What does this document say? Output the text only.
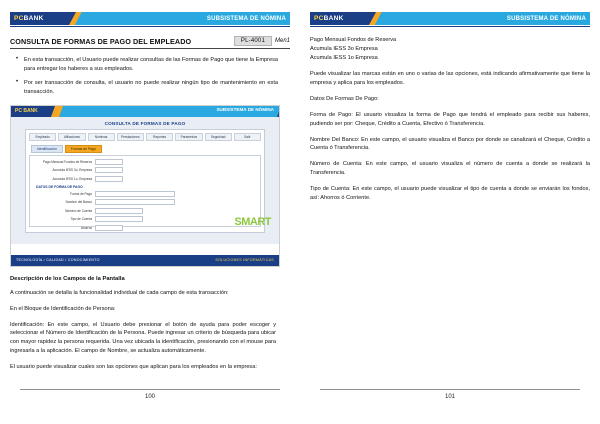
PC BANK	SUBSISTEMA DE NÓMINA
CONSULTA DE FORMAS DE PAGO DEL EMPLEADO	PL-4001	Men1
• En esta transacción, el Usuario puede realizar consultas de las Formas de Pago que tiene la Empresa para entregar los haberes a sus empleados.
• Por ser transacción de consulta, el usuario no puede realizar ningún tipo de mantenimiento en esta transacción.
PC BANK	SUBSISTEMA DE NÓMINA
CONSULTA DE FORMAS DE PAGO
Empleado	Afiliaciones	Nóminas	Prestaciones	Reportes	Parámetros	Seguridad	Salir
Identificación	Formas de Pago
Pago Mensual Fondos de Reserva
Acumula IESS 3o. Empresa
Acumula IESS 1o. Empresa
DATOS DE FORMA DE PAGO
Forma de Pago
Nombre del Banco
Número de Cuenta
Tipo de Cuenta
Ahorros	SMART
TECNOLOGÍA / CALIDAD / CONOCIMIENTO	SOLUCIONES INFORMÁTICAS
Descripción de los Campos de la Pantalla
A continuación se detalla la funcionalidad individual de cada campo de esta transacción:
En el Bloque de Identificación de Persona:
Identificación: En este campo, el Usuario debe presionar el botón de ayuda para poder escoger y seleccionar el Número de Identificación de la Persona. Puede ingresar un criterio de búsqueda para ubicar con mayor rapidez la persona requerida. Una vez ubicada la identificación, presionando con el mouse para ingresarla a la aplicación. El campo de Nombre, se actualiza automáticamente.
El usuario puede visualizar cuales son las opciones que aplican para los empleados en la empresa:
100
PC BANK	SUBSISTEMA DE NÓMINA
Pago Mensual Fondos de Reserva
Acumula IESS 3o Empresa
Acumula IESS 1o Empresa
Puede visualizar las marcas están en uno o varias de las opciones, está indicando afirmativamente que tiene la empresa y aplica para los empleados.
Datos De Formas De Pago:
Forma de Pago: El usuario visualiza la forma de Pago que tendrá el empleado para recibir sus haberes, pudiendo ser por: Cheque, Crédito a Cuenta, Efectivo ó Transferencia.
Nombre Del Banco: En este campo, el usuario visualiza el Banco por donde se canalizará el Cheque, Crédito a Cuenta ó Transferencia.
Número de Cuenta: En este campo, el usuario visualiza el número de cuenta a donde se realizará la Transferencia.
Tipo de Cuenta: En este campo, el usuario puede visualizar el tipo de cuenta a donde se enviarán los fondos, así: Ahorros ó Corriente.
101
